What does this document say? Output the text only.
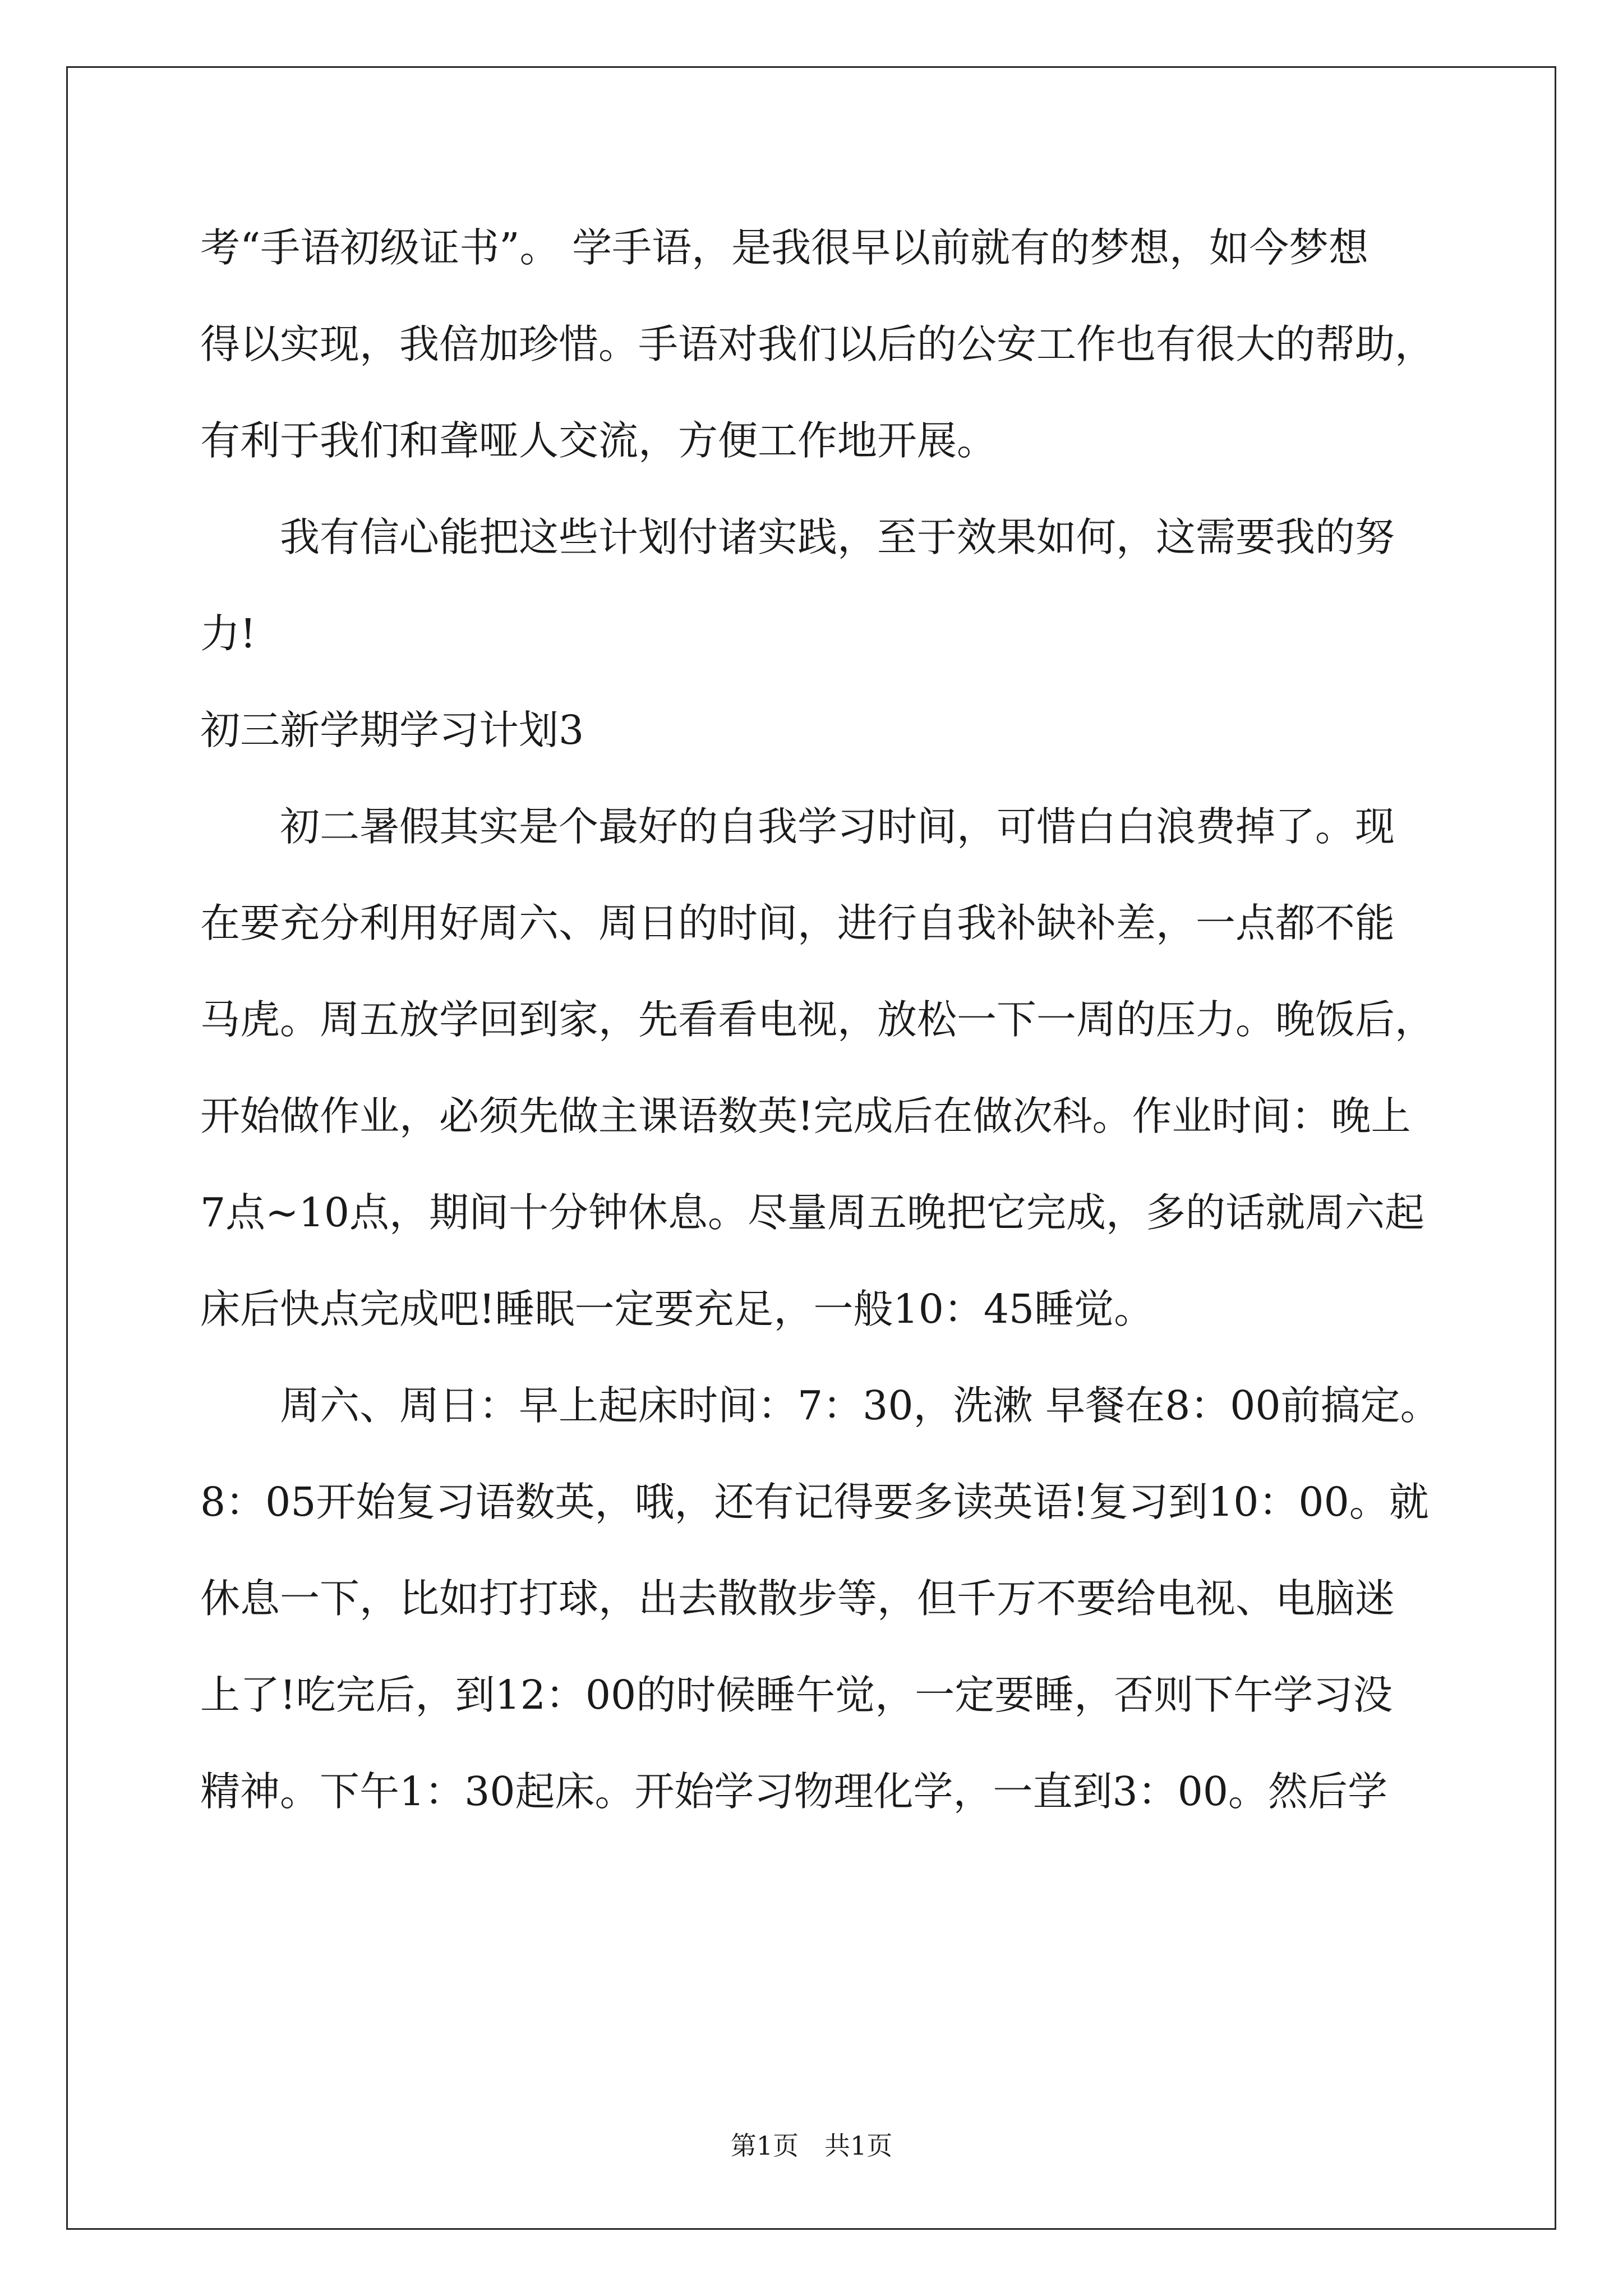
考“手语初级证书”。 学手语，是我很早以前就有的梦想，如今梦想
得以实现，我倍加珍惜。手语对我们以后的公安工作也有很大的帮助，
有利于我们和聋哑人交流，方便工作地开展。
　　我有信心能把这些计划付诸实践，至于效果如何，这需要我的努
力!
初三新学期学习计划3
　　初二暑假其实是个最好的自我学习时间，可惜白白浪费掉了。现
在要充分利用好周六、周日的时间，进行自我补缺补差，一点都不能
马虎。周五放学回到家，先看看电视，放松一下一周的压力。晚饭后，
开始做作业，必须先做主课语数英!完成后在做次科。作业时间：晚上
7点~10点，期间十分钟休息。尽量周五晚把它完成，多的话就周六起
床后快点完成吧!睡眠一定要充足，一般10：45睡觉。
　　周六、周日：早上起床时间：7：30，洗漱 早餐在8：00前搞定。
8：05开始复习语数英，哦，还有记得要多读英语!复习到10：00。就
休息一下，比如打打球，出去散散步等，但千万不要给电视、电脑迷
上了!吃完后，到12：00的时候睡午觉，一定要睡，否则下午学习没
精神。下午1：30起床。开始学习物理化学，一直到3：00。然后学
第1页　共1页
